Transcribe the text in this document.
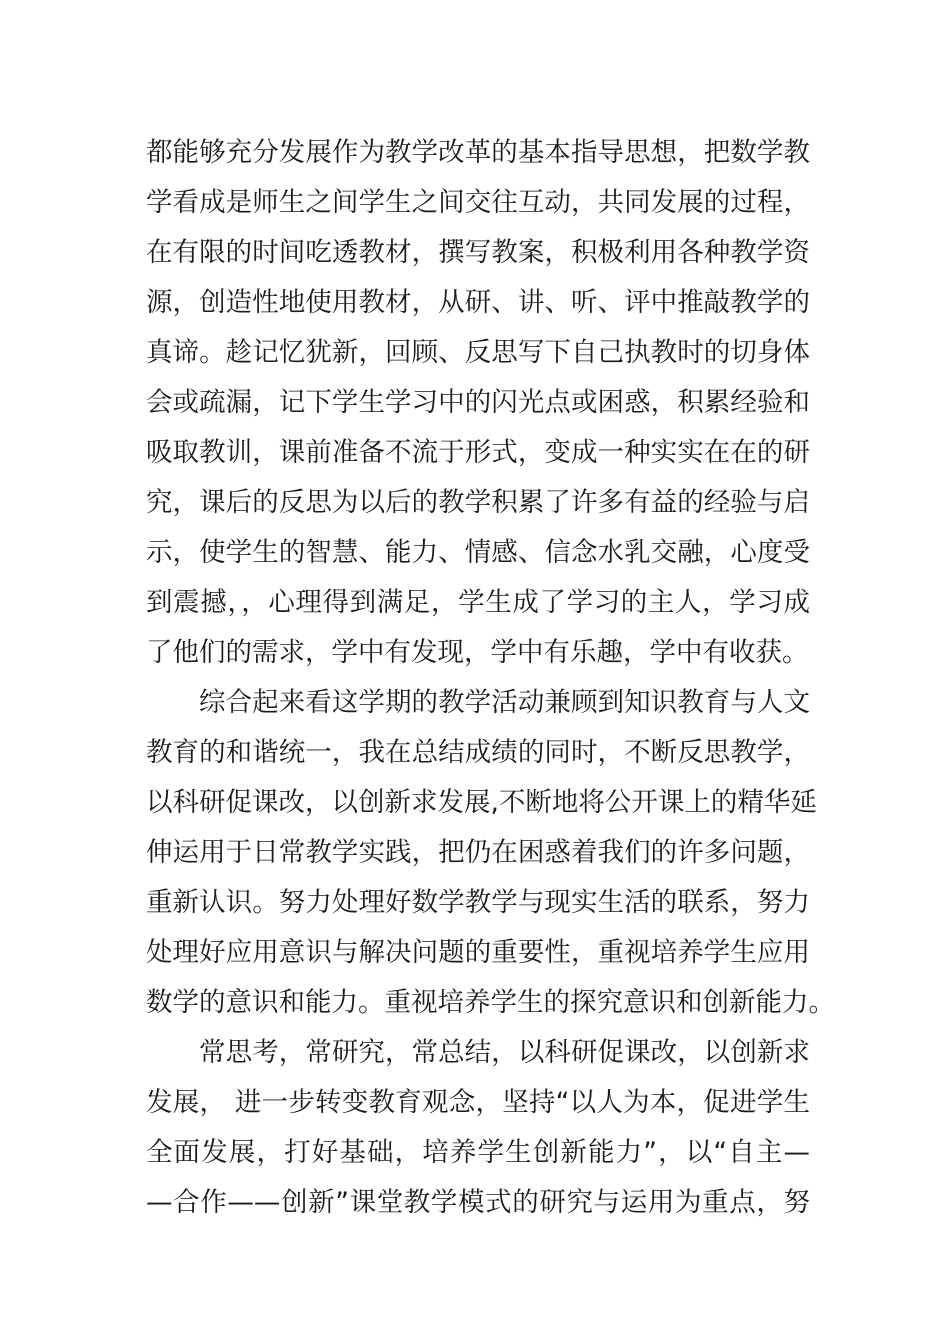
都能够充分发展作为教学改革的基本指导思想，把数学教
学看成是师生之间学生之间交往互动，共同发展的过程，
在有限的时间吃透教材，撰写教案，积极利用各种教学资
源，创造性地使用教材，从研、讲、听、评中推敲教学的
真谛。趁记忆犹新，回顾、反思写下自己执教时的切身体
会或疏漏，记下学生学习中的闪光点或困惑，积累经验和
吸取教训，课前准备不流于形式，变成一种实实在在的研
究，课后的反思为以后的教学积累了许多有益的经验与启
示，使学生的智慧、能力、情感、信念水乳交融，心度受
到震撼，，心理得到满足，学生成了学习的主人，学习成
了他们的需求，学中有发现，学中有乐趣，学中有收获。
综合起来看这学期的教学活动兼顾到知识教育与人文
教育的和谐统一，我在总结成绩的同时，不断反思教学，
以科研促课改，以创新求发展,不断地将公开课上的精华延
伸运用于日常教学实践，把仍在困惑着我们的许多问题，
重新认识。努力处理好数学教学与现实生活的联系，努力
处理好应用意识与解决问题的重要性，重视培养学生应用
数学的意识和能力。重视培养学生的探究意识和创新能力。
常思考，常研究，常总结，以科研促课改，以创新求
发展， 进一步转变教育观念，坚持“以人为本，促进学生
全面发展，打好基础，培养学生创新能力”，以“自主—
—合作——创新”课堂教学模式的研究与运用为重点，努
